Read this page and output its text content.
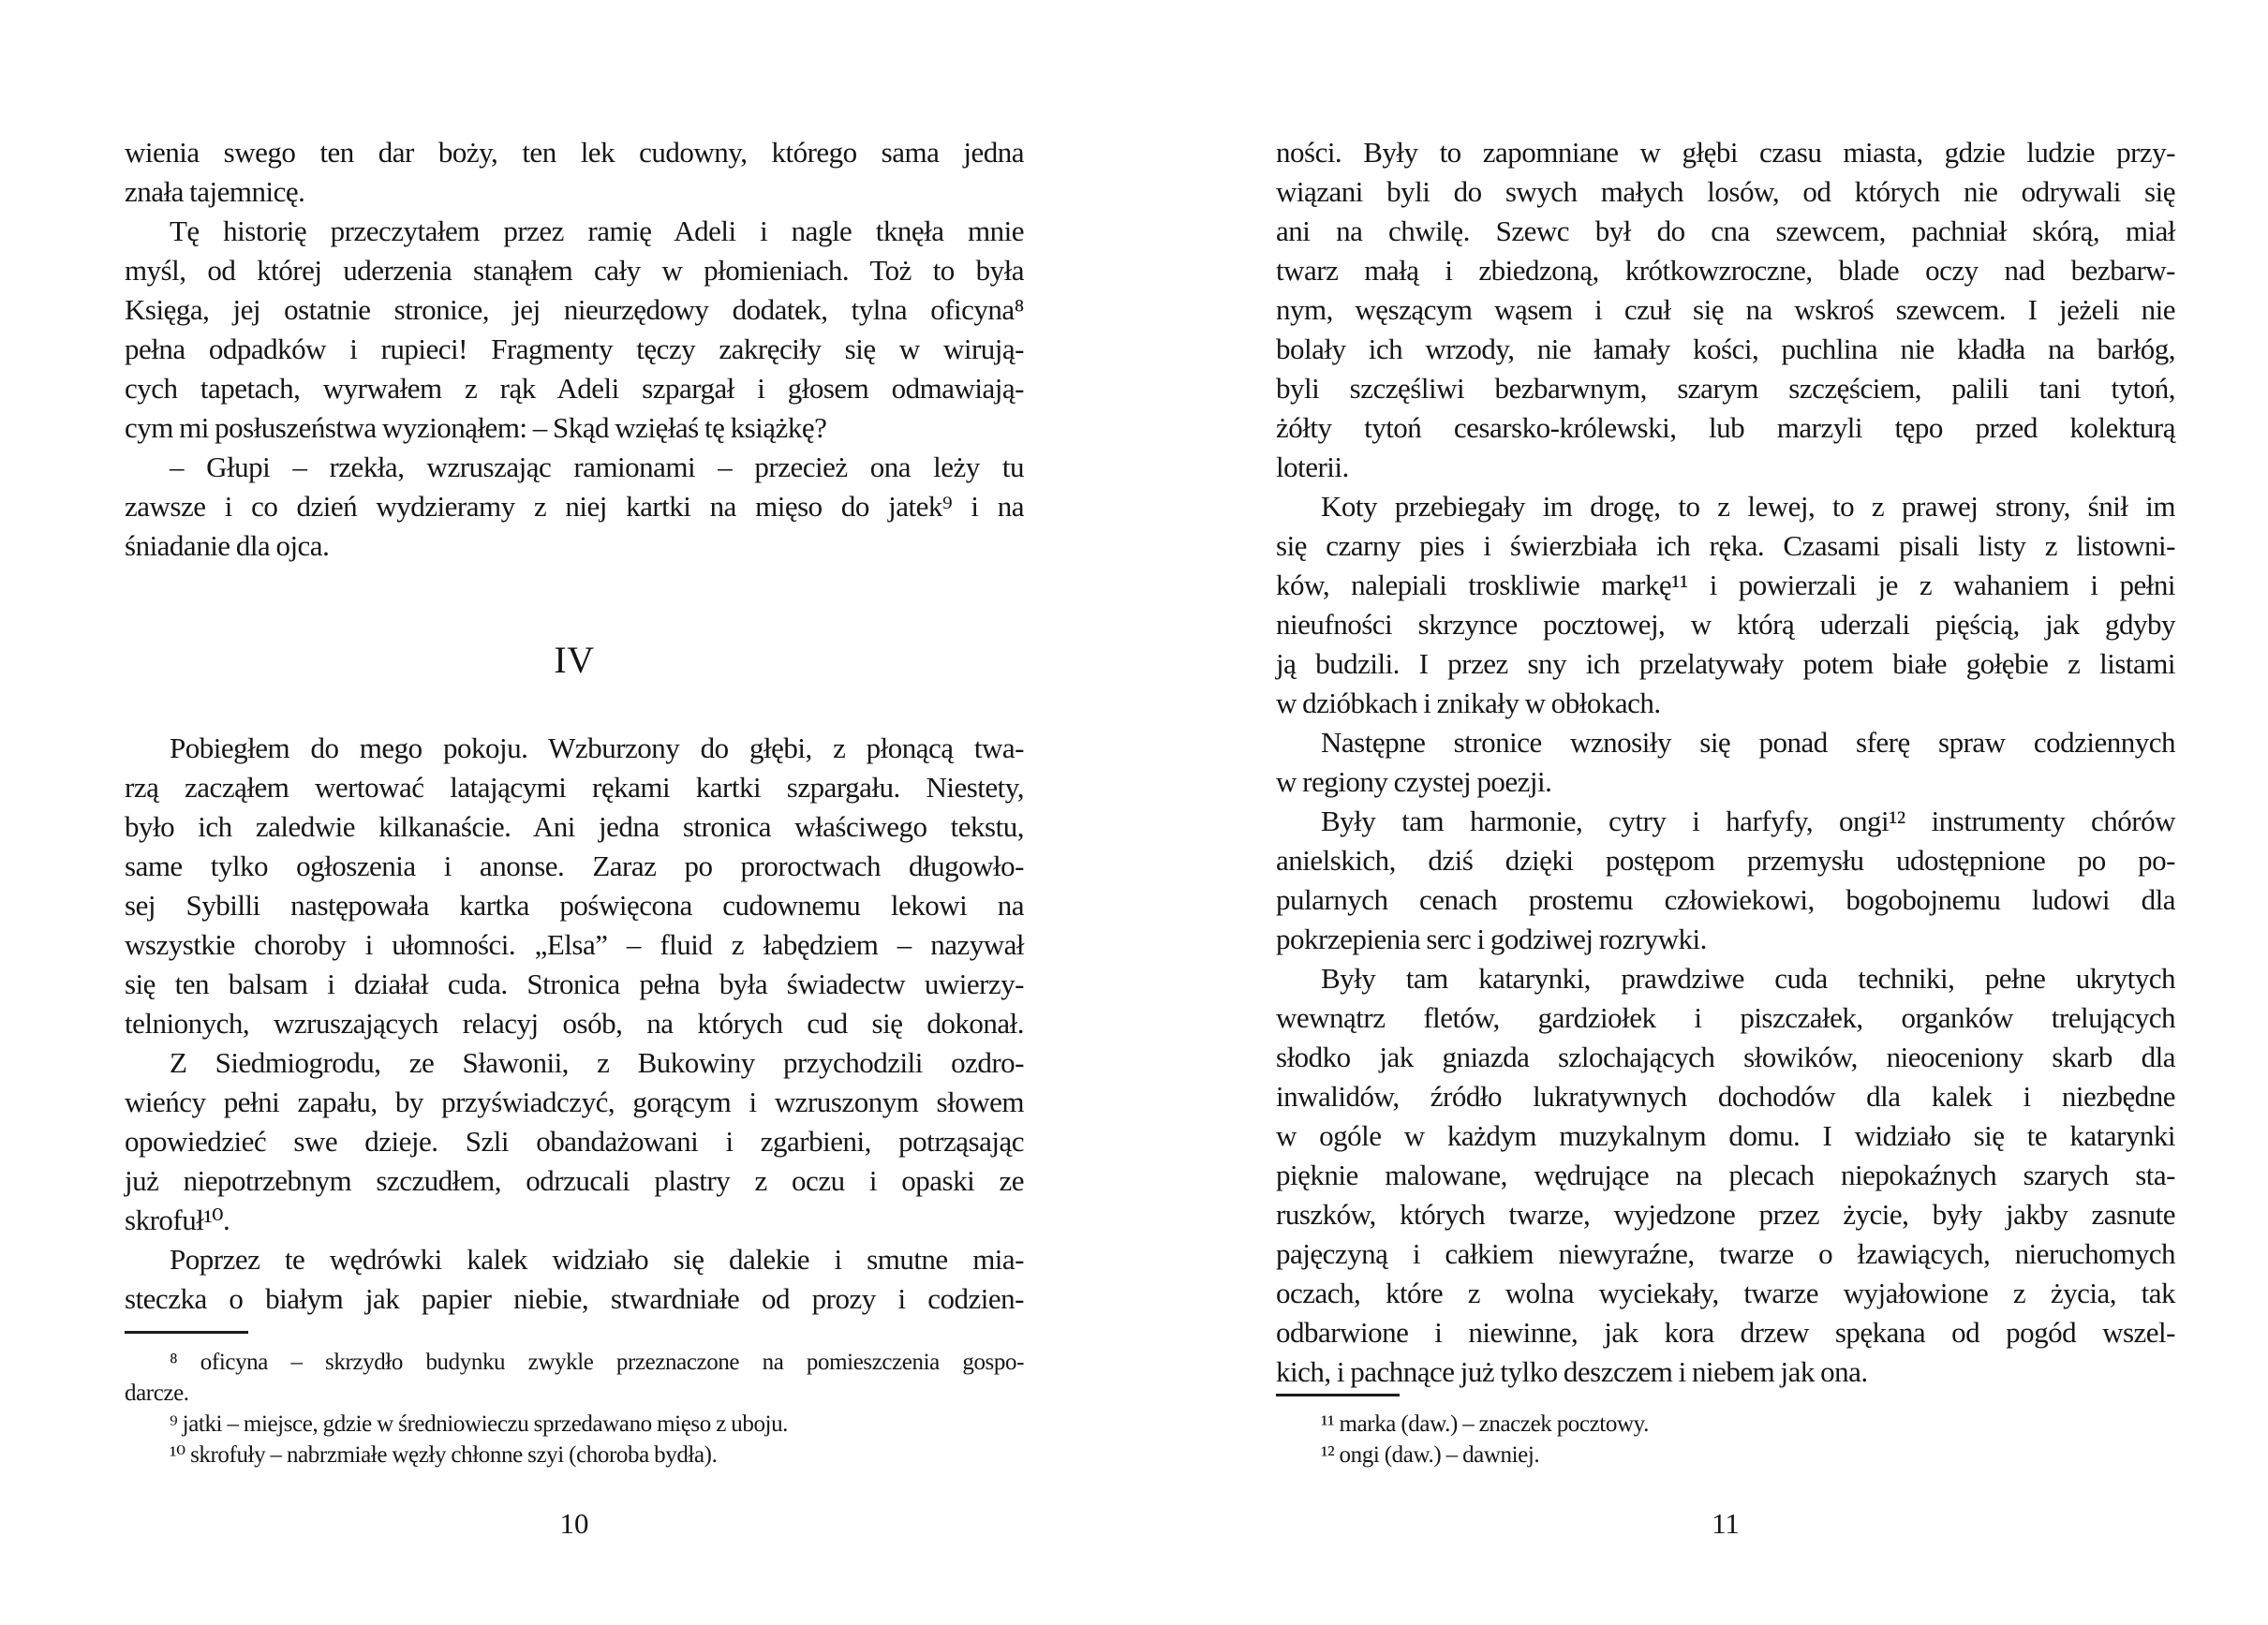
wienia swego ten dar boży, ten lek cudowny, którego sama jedna
znała tajemnicę.
Tę historię przeczytałem przez ramię Adeli i nagle tknęła mnie
myśl, od której uderzenia stanąłem cały w płomieniach. Toż to była
Księga, jej ostatnie stronice, jej nieurzędowy dodatek, tylna oficyna⁸
pełna odpadków i rupieci! Fragmenty tęczy zakręciły się w wirują-
cych tapetach, wyrwałem z rąk Adeli szpargał i głosem odmawiają-
cym mi posłuszeństwa wyzionąłem: – Skąd wzięłaś tę książkę?
– Głupi – rzekła, wzruszając ramionami – przecież ona leży tu
zawsze i co dzień wydzieramy z niej kartki na mięso do jatek⁹ i na
śniadanie dla ojca.
IV
Pobiegłem do mego pokoju. Wzburzony do głębi, z płonącą twa-
rzą zacząłem wertować latającymi rękami kartki szpargału. Niestety,
było ich zaledwie kilkanaście. Ani jedna stronica właściwego tekstu,
same tylko ogłoszenia i anonse. Zaraz po proroctwach długowło-
sej Sybilli następowała kartka poświęcona cudownemu lekowi na
wszystkie choroby i ułomności. „Elsa” – fluid z łabędziem – nazywał
się ten balsam i działał cuda. Stronica pełna była świadectw uwierzy-
telnionych, wzruszających relacyj osób, na których cud się dokonał.
Z Siedmiogrodu, ze Sławonii, z Bukowiny przychodzili ozdro-
wieńcy pełni zapału, by przyświadczyć, gorącym i wzruszonym słowem
opowiedzieć swe dzieje. Szli obandażowani i zgarbieni, potrząsając
już niepotrzebnym szczudłem, odrzucali plastry z oczu i opaski ze
skrofuł¹⁰.
Poprzez te wędrówki kalek widziało się dalekie i smutne mia-
steczka o białym jak papier niebie, stwardniałe od prozy i codzien-
⁸ oficyna – skrzydło budynku zwykle przeznaczone na pomieszczenia gospo-
darcze.
⁹ jatki – miejsce, gdzie w średniowieczu sprzedawano mięso z uboju.
¹⁰ skrofuły – nabrzmiałe węzły chłonne szyi (choroba bydła).
10
ności. Były to zapomniane w głębi czasu miasta, gdzie ludzie przy-
wiązani byli do swych małych losów, od których nie odrywali się
ani na chwilę. Szewc był do cna szewcem, pachniał skórą, miał
twarz małą i zbiedzoną, krótkowzroczne, blade oczy nad bezbarw-
nym, węszącym wąsem i czuł się na wskroś szewcem. I jeżeli nie
bolały ich wrzody, nie łamały kości, puchlina nie kładła na barłóg,
byli szczęśliwi bezbarwnym, szarym szczęściem, palili tani tytoń,
żółty tytoń cesarsko-królewski, lub marzyli tępo przed kolekturą
loterii.
Koty przebiegały im drogę, to z lewej, to z prawej strony, śnił im
się czarny pies i świerzbiała ich ręka. Czasami pisali listy z listowni-
ków, nalepiali troskliwie markę¹¹ i powierzali je z wahaniem i pełni
nieufności skrzynce pocztowej, w którą uderzali pięścią, jak gdyby
ją budzili. I przez sny ich przelatywały potem białe gołębie z listami
w dzióbkach i znikały w obłokach.
Następne stronice wznosiły się ponad sferę spraw codziennych
w regiony czystej poezji.
Były tam harmonie, cytry i harfyfy, ongi¹² instrumenty chórów
anielskich, dziś dzięki postępom przemysłu udostępnione po po-
pularnych cenach prostemu człowiekowi, bogobojnemu ludowi dla
pokrzepienia serc i godziwej rozrywki.
Były tam katarynki, prawdziwe cuda techniki, pełne ukrytych
wewnątrz fletów, gardziołek i piszczałek, organków trelujących
słodko jak gniazda szlochających słowików, nieoceniony skarb dla
inwalidów, źródło lukratywnych dochodów dla kalek i niezbędne
w ogóle w każdym muzykalnym domu. I widziało się te katarynki
pięknie malowane, wędrujące na plecach niepokaźnych szarych sta-
ruszków, których twarze, wyjedzone przez życie, były jakby zasnute
pajęczyną i całkiem niewyraźne, twarze o łzawiących, nieruchomych
oczach, które z wolna wyciekały, twarze wyjałowione z życia, tak
odbarwione i niewinne, jak kora drzew spękana od pogód wszel-
kich, i pachnące już tylko deszczem i niebem jak ona.
¹¹ marka (daw.) – znaczek pocztowy.
¹² ongi (daw.) – dawniej.
11
